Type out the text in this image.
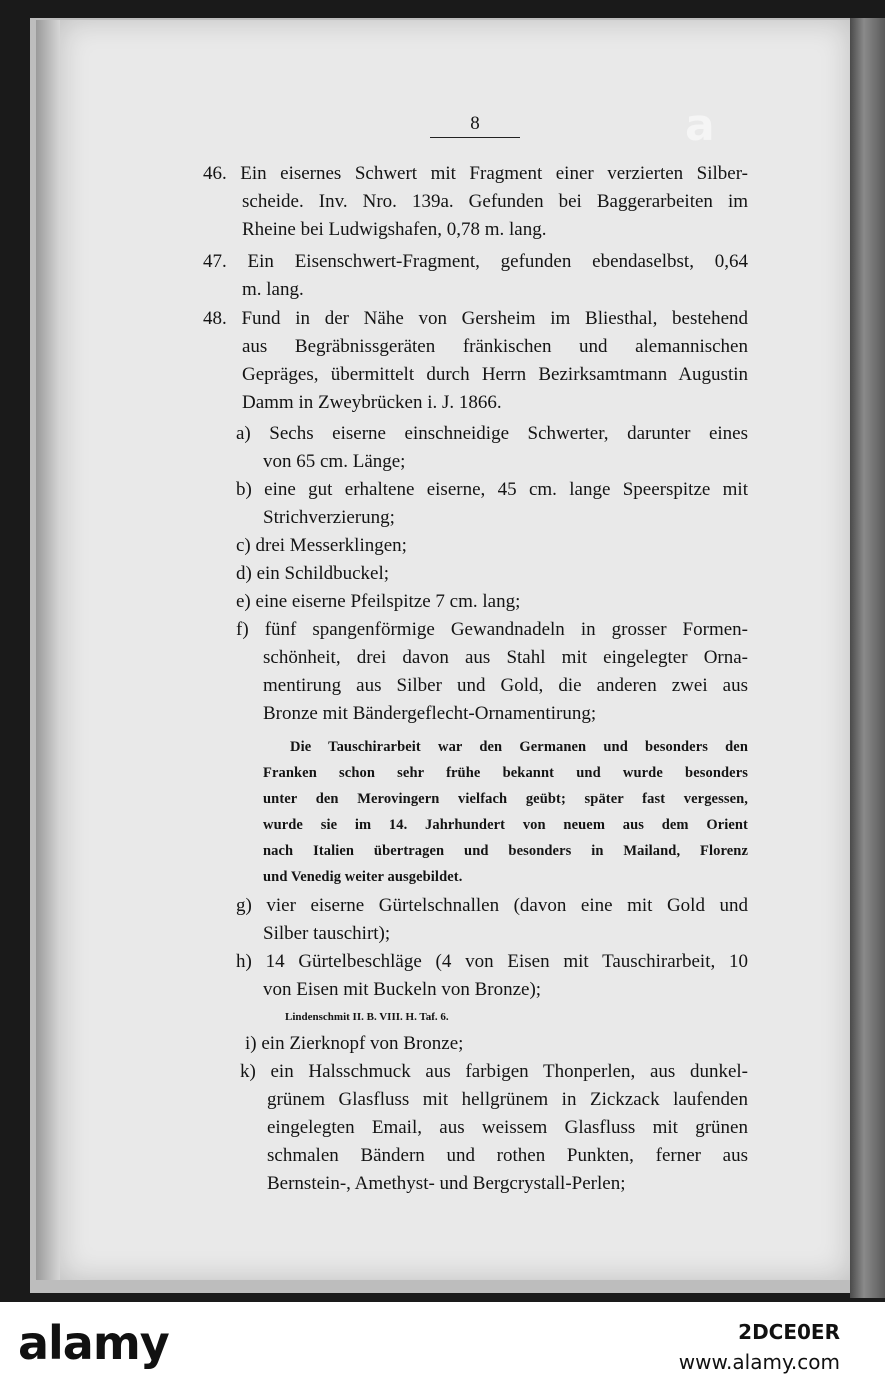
8
46. Ein eisernes Schwert mit Fragment einer verzierten Silber-
scheide. Inv. Nro. 139a. Gefunden bei Baggerarbeiten im
Rheine bei Ludwigshafen, 0,78 m. lang.
47. Ein Eisenschwert-Fragment, gefunden ebendaselbst, 0,64
m. lang.
48. Fund in der Nähe von Gersheim im Bliesthal, bestehend
aus Begräbnissgeräten fränkischen und alemannischen
Gepräges, übermittelt durch Herrn Bezirksamtmann Augustin
Damm in Zweybrücken i. J. 1866.
a) Sechs eiserne einschneidige Schwerter, darunter eines
von 65 cm. Länge;
b) eine gut erhaltene eiserne, 45 cm. lange Speerspitze mit
Strichverzierung;
c) drei Messerklingen;
d) ein Schildbuckel;
e) eine eiserne Pfeilspitze 7 cm. lang;
f) fünf spangenförmige Gewandnadeln in grosser Formen-
schönheit, drei davon aus Stahl mit eingelegter Orna-
mentirung aus Silber und Gold, die anderen zwei aus
Bronze mit Bändergeflecht-Ornamentirung;
Die Tauschirarbeit war den Germanen und besonders den
Franken schon sehr frühe bekannt und wurde besonders
unter den Merovingern vielfach geübt; später fast vergessen,
wurde sie im 14. Jahrhundert von neuem aus dem Orient
nach Italien übertragen und besonders in Mailand, Florenz
und Venedig weiter ausgebildet.
g) vier eiserne Gürtelschnallen (davon eine mit Gold und
Silber tauschirt);
h) 14 Gürtelbeschläge (4 von Eisen mit Tauschirarbeit, 10
von Eisen mit Buckeln von Bronze);
Lindenschmit II. B. VIII. H. Taf. 6.
i) ein Zierknopf von Bronze;
k) ein Halsschmuck aus farbigen Thonperlen, aus dunkel-
grünem Glasfluss mit hellgrünem in Zickzack laufenden
eingelegten Email, aus weissem Glasfluss mit grünen
schmalen Bändern und rothen Punkten, ferner aus
Bernstein-, Amethyst- und Bergcrystall-Perlen;
a
alamy	2DCE0ER
www.alamy.com
